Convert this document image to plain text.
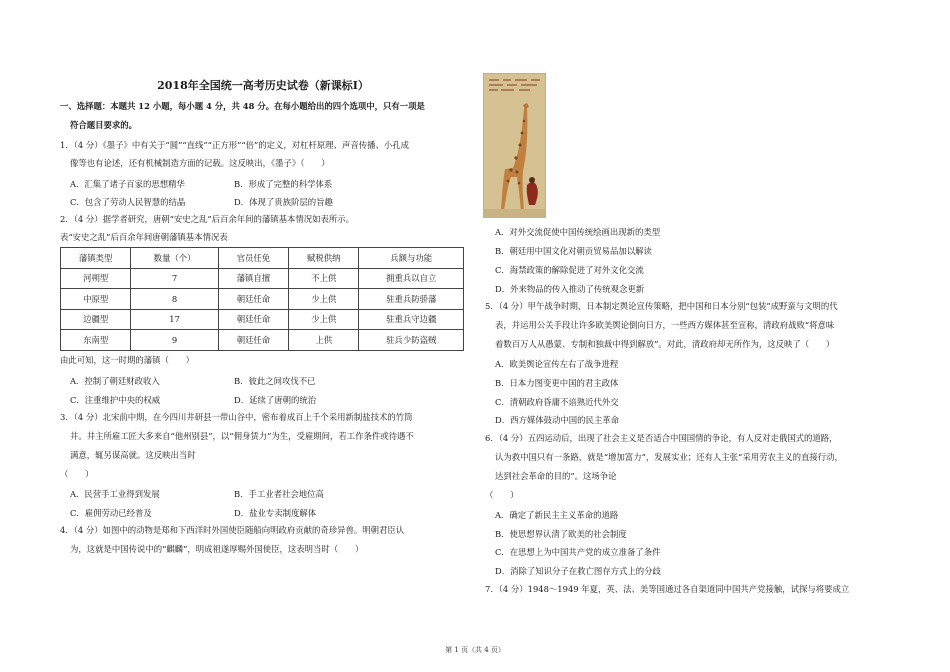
2018年全国统一高考历史试卷（新课标Ⅰ）
一、选择题：本题共 12 小题，每小题 4 分，共 48 分。在每小题给出的四个选项中，只有一项是
符合题目要求的。
1．（4 分）《墨子》中有关于“圆”“直线”“正方形”“倍”的定义，对杠杆原理、声音传播、小孔成
像等也有论述，还有机械制造方面的记载。这反映出，《墨子》（　　）
A．汇集了诸子百家的思想精华	B．形成了完整的科学体系
C．包含了劳动人民智慧的结晶	D．体现了贵族阶层的旨趣
2．（4 分）据学者研究，唐朝“安史之乱”后百余年间的藩镇基本情况如表所示。
表“安史之乱”后百余年间唐朝藩镇基本情况表
藩镇类型	数量（个）	官员任免	赋税供纳	兵额与功能
河朔型	7	藩镇自擅	不上供	拥重兵以自立
中原型	8	朝廷任命	少上供	驻重兵防骄藩
边疆型	17	朝廷任命	少上供	驻重兵守边疆
东南型	9	朝廷任命	上供	驻兵少防盗贼
由此可知，这一时期的藩镇（　　）
A．控制了朝廷财政收入	B．彼此之间攻伐不已
C．注重维护中央的权威	D．延续了唐朝的统治
3．（4 分）北宋前中期，在今四川井研县一带山谷中，密布着成百上千个采用新制盐技术的竹筒
井。井主所雇工匠大多来自“他州别县”，以“佣身赁力”为生，受雇期间，若工作条件或待遇不
满意，辄另谋高就。这反映出当时
（　　）
A．民营手工业得到发展	B．手工业者社会地位高
C．雇佣劳动已经普及	D．盐业专卖制度解体
4．（4 分）如图中的动物是郑和下西洋时外国使臣随船向明政府贡献的奇珍异兽。明朝君臣认
为，这就是中国传说中的“麒麟”，明成祖遂厚赐外国使臣，这表明当时（　　）
A．对外交流促使中国传统绘画出现新的类型
B．朝廷用中国文化对朝贡贸易品加以解读
C．海禁政策的解除促进了对外文化交流
D．外来物品的传入推动了传统观念更新
5．（4 分）甲午战争时期，日本制定舆论宣传策略，把中国和日本分别“包装”成野蛮与文明的代
表，并运用公关手段让许多欧美舆论倒向日方，一些西方媒体甚至宣称，清政府战败“将意味
着数百万人从愚蒙、专制和独裁中得到解放”。对此，清政府却无所作为，这反映了（　　）
A．欧美舆论宣传左右了战争进程
B．日本力图变更中国的君主政体
C．清朝政府昏庸不谙熟近代外交
D．西方媒体鼓动中国的民主革命
6．（4 分）五四运动后，出现了社会主义是否适合中国国情的争论，有人反对走俄国式的道路，
认为救中国只有一条路，就是“增加富力”，发展实业；还有人主张“采用劳农主义的直接行动，
达到社会革命的目的”。这场争论
（　　）
A．确定了新民主主义革命的道路
B．使思想界认清了欧美的社会制度
C．在思想上为中国共产党的成立准备了条件
D．消除了知识分子在救亡图存方式上的分歧
7．（4 分）1948～1949 年夏，英、法、美等国通过各自渠道同中国共产党接触，试探与将要成立
第 1 页（共 4 页）
